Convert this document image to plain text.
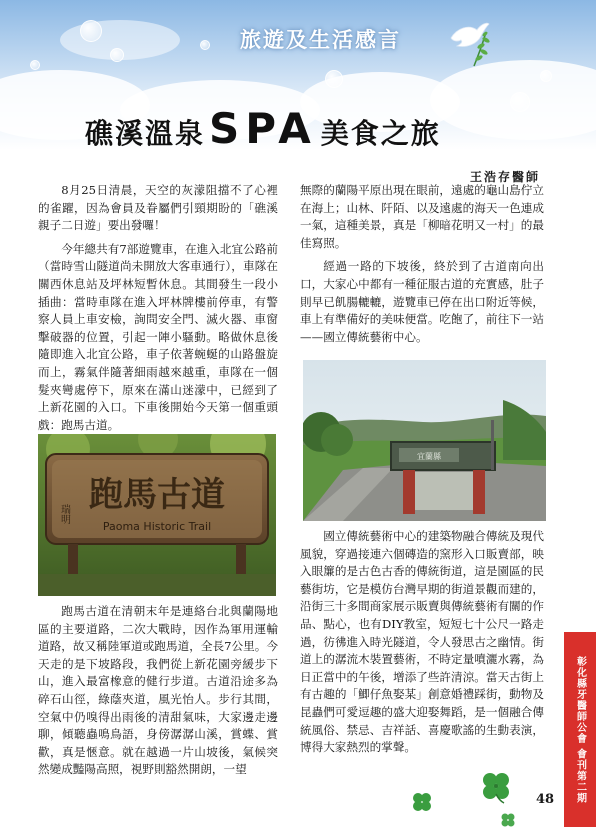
旅遊及生活感言
礁溪溫泉 SPA 美食之旅
王浩存醫師

8月25日清晨，天空的灰濛阻擋不了心裡的雀躍，因為會員及眷屬們引頸期盼的「礁溪親子二日遊」要出發囉！

今年總共有7部遊覽車，在進入北宜公路前（當時雪山隧道尚未開放大客車通行），車隊在關西休息站及坪林短暫休息。其間發生一段小插曲：當時車隊在進入坪林牌樓前停車，有警察人員上車安檢，詢問安全門、滅火器、車窗擊破器的位置，引起一陣小騷動。略做休息後隨即進入北宜公路，車子依著蜿蜒的山路盤旋而上，霧氣伴隨著細雨越來越重，車隊在一個髮夾彎處停下，原來在滿山迷濛中，已經到了上新花園的入口。下車後開始今天第一個重頭戲：跑馬古道。

跑馬古道
Paoma Historic Trail
瑞明

跑馬古道在清朝末年是連絡台北與蘭陽地區的主要道路，二次大戰時，因作為軍用運輸道路，故又稱陸軍道或跑馬道，全長7公里。今天走的是下坡路段，我們從上新花園旁緩步下山，進入最富橡意的健行步道。古道沿途多為碎石山徑，綠蔭夾道，風光怡人。步行其間，空氣中仍嗅得出雨後的清甜氣味，大家邊走邊聊，傾聽蟲鳴鳥語，身傍潺潺山溪，賞蝶、賞歡，真是愜意。就在越過一片山坡後，氣候突然變成豔陽高照，視野則豁然開朗，一望

無際的蘭陽平原出現在眼前，遠處的龜山島佇立在海上；山林、阡陌、以及遠處的海天一色連成一氣，這種美景，真是「柳暗花明又一村」的最佳寫照。

經過一路的下坡後，終於到了古道南向出口，大家心中都有一種征服古道的充實感，肚子則早已飢腸轆轆，遊覽車已停在出口附近等候，車上有準備好的美味便當。吃飽了，前往下一站——國立傳統藝術中心。

宜蘭縣

國立傳統藝術中心的建築物融合傳統及現代風貌，穿過接連六個磚造的窯形入口販賣部，映入眼簾的是古色古香的傳統街道，這是園區的民藝街坊，它是模仿台灣早期的街道景觀而建的，沿街三十多間商家展示販賣與傳統藝術有關的作品、點心，也有DIY教室，短短七十公尺一路走過，彷彿進入時光隧道，令人發思古之幽情。街道上的潺流木裝置藝術，不時定量噴灑水霧，為日正當中的午後，增添了些許清涼。當天古街上有古趣的「鯽仔魚娶某」創意婚禮踩街，動物及昆蟲們可愛逗趣的盛大迎娶舞蹈，是一個融合傳統風俗、禁忌、吉祥話、喜慶歌謠的生動表演，博得大家熱烈的掌聲。	彰化縣牙醫師公會 會刊第二期
48
